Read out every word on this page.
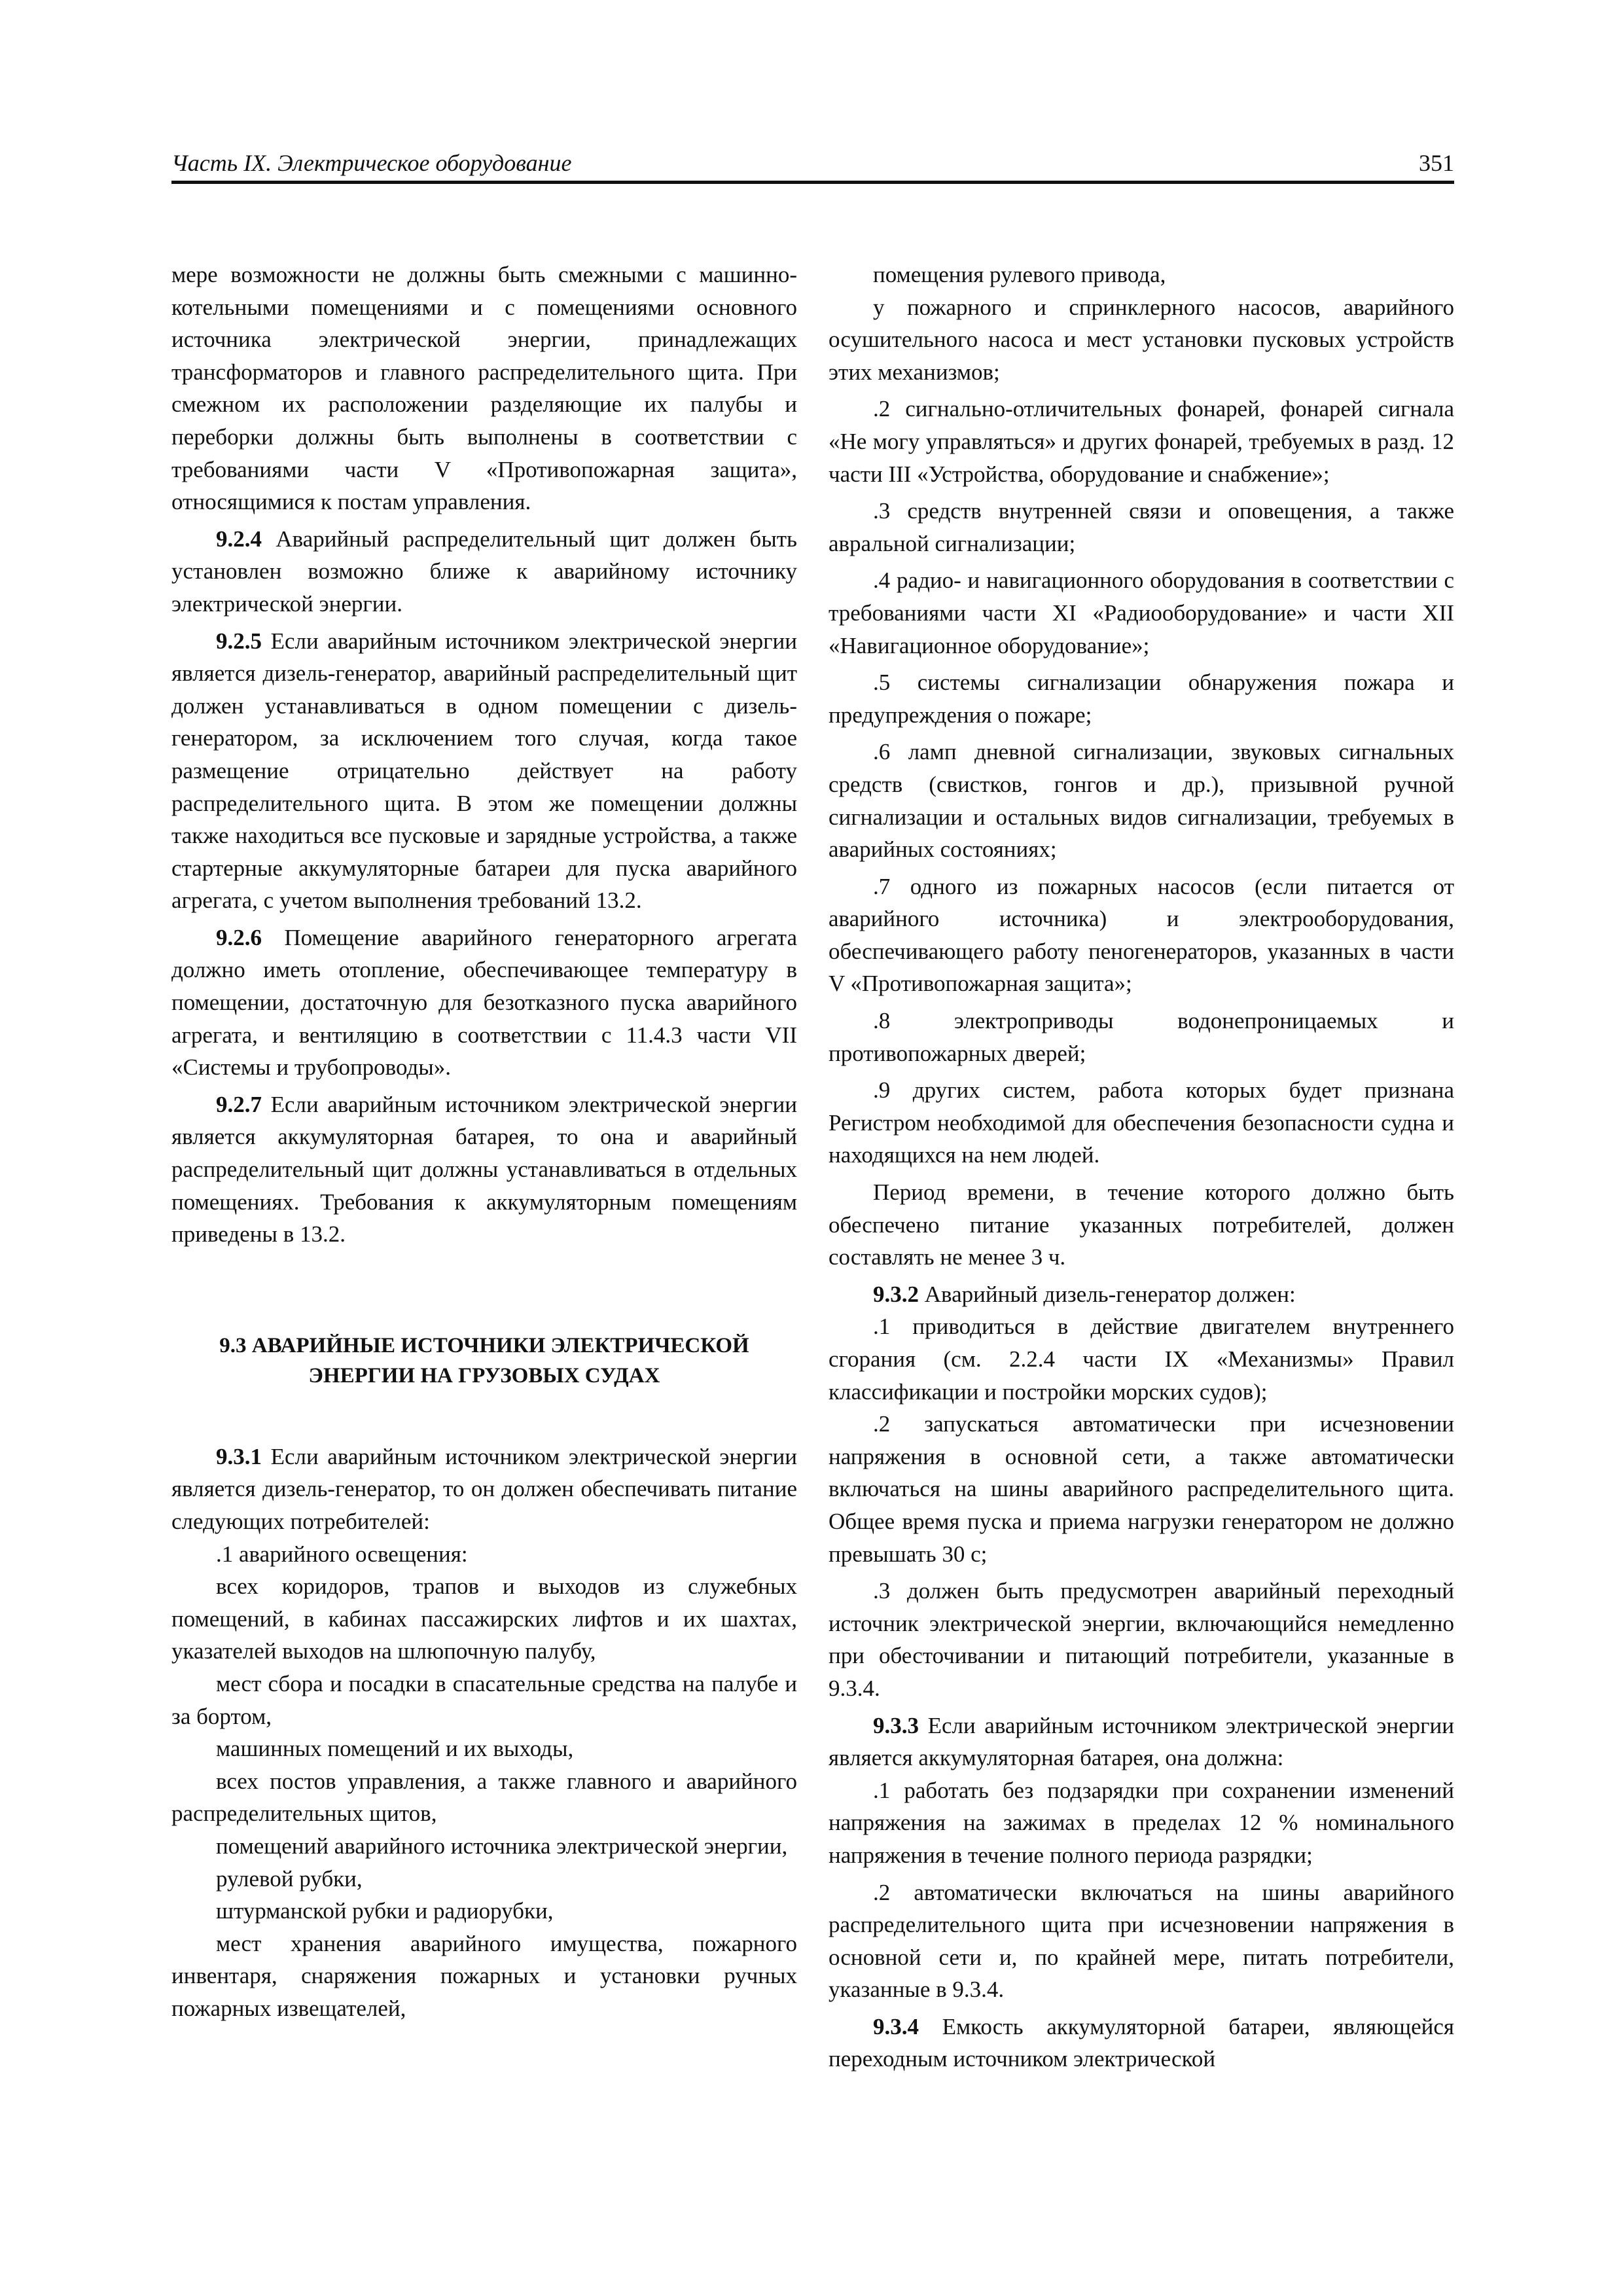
Часть IX. Электрическое оборудование	351

мере возможности не должны быть смежными с машинно-котельными помещениями и с помещениями основного источника электрической энергии, принадлежащих трансформаторов и главного распределительного щита. При смежном их расположении разделяющие их палубы и переборки должны быть выполнены в соответствии с требованиями части V «Противопожарная защита», относящимися к постам управления.

9.2.4 Аварийный распределительный щит должен быть установлен возможно ближе к аварийному источнику электрической энергии.

9.2.5 Если аварийным источником электрической энергии является дизель-генератор, аварийный распределительный щит должен устанавливаться в одном помещении с дизель-генератором, за исключением того случая, когда такое размещение отрицательно действует на работу распределительного щита. В этом же помещении должны также находиться все пусковые и зарядные устройства, а также стартерные аккумуляторные батареи для пуска аварийного агрегата, с учетом выполнения требований 13.2.

9.2.6 Помещение аварийного генераторного агрегата должно иметь отопление, обеспечивающее температуру в помещении, достаточную для безотказного пуска аварийного агрегата, и вентиляцию в соответствии с 11.4.3 части VII «Системы и трубопроводы».

9.2.7 Если аварийным источником электрической энергии является аккумуляторная батарея, то она и аварийный распределительный щит должны устанавливаться в отдельных помещениях. Требования к аккумуляторным помещениям приведены в 13.2.

9.3 АВАРИЙНЫЕ ИСТОЧНИКИ ЭЛЕКТРИЧЕСКОЙ
ЭНЕРГИИ НА ГРУЗОВЫХ СУДАХ

9.3.1 Если аварийным источником электрической энергии является дизель-генератор, то он должен обеспечивать питание следующих потребителей:

.1 аварийного освещения:

всех коридоров, трапов и выходов из служебных помещений, в кабинах пассажирских лифтов и их шахтах, указателей выходов на шлюпочную палубу,

мест сбора и посадки в спасательные средства на палубе и за бортом,

машинных помещений и их выходы,

всех постов управления, а также главного и аварийного распределительных щитов,

помещений аварийного источника электрической энергии,

рулевой рубки,

штурманской рубки и радиорубки,

мест хранения аварийного имущества, пожарного инвентаря, снаряжения пожарных и установки ручных пожарных извещателей,

помещения рулевого привода,

у пожарного и спринклерного насосов, аварийного осушительного насоса и мест установки пусковых устройств этих механизмов;

.2 сигнально-отличительных фонарей, фонарей сигнала «Не могу управляться» и других фонарей, требуемых в разд. 12 части III «Устройства, оборудование и снабжение»;

.3 средств внутренней связи и оповещения, а также авральной сигнализации;

.4 радио- и навигационного оборудования в соответствии с требованиями части XI «Радиооборудование» и части XII «Навигационное оборудование»;

.5 системы сигнализации обнаружения пожара и предупреждения о пожаре;

.6 ламп дневной сигнализации, звуковых сигнальных средств (свистков, гонгов и др.), призывной ручной сигнализации и остальных видов сигнализации, требуемых в аварийных состояниях;

.7 одного из пожарных насосов (если питается от аварийного источника) и электрооборудования, обеспечивающего работу пеногенераторов, указанных в части V «Противопожарная защита»;

.8 электроприводы водонепроницаемых и противопожарных дверей;

.9 других систем, работа которых будет признана Регистром необходимой для обеспечения безопасности судна и находящихся на нем людей.

Период времени, в течение которого должно быть обеспечено питание указанных потребителей, должен составлять не менее 3 ч.

9.3.2 Аварийный дизель-генератор должен:

.1 приводиться в действие двигателем внутреннего сгорания (см. 2.2.4 части IX «Механизмы» Правил классификации и постройки морских судов);

.2 запускаться автоматически при исчезновении напряжения в основной сети, а также автоматически включаться на шины аварийного распределительного щита. Общее время пуска и приема нагрузки генератором не должно превышать 30 с;

.3 должен быть предусмотрен аварийный переходный источник электрической энергии, включающийся немедленно при обесточивании и питающий потребители, указанные в 9.3.4.

9.3.3 Если аварийным источником электрической энергии является аккумуляторная батарея, она должна:

.1 работать без подзарядки при сохранении изменений напряжения на зажимах в пределах 12 % номинального напряжения в течение полного периода разрядки;

.2 автоматически включаться на шины аварийного распределительного щита при исчезновении напряжения в основной сети и, по крайней мере, питать потребители, указанные в 9.3.4.

9.3.4 Емкость аккумуляторной батареи, являющейся переходным источником электрической
